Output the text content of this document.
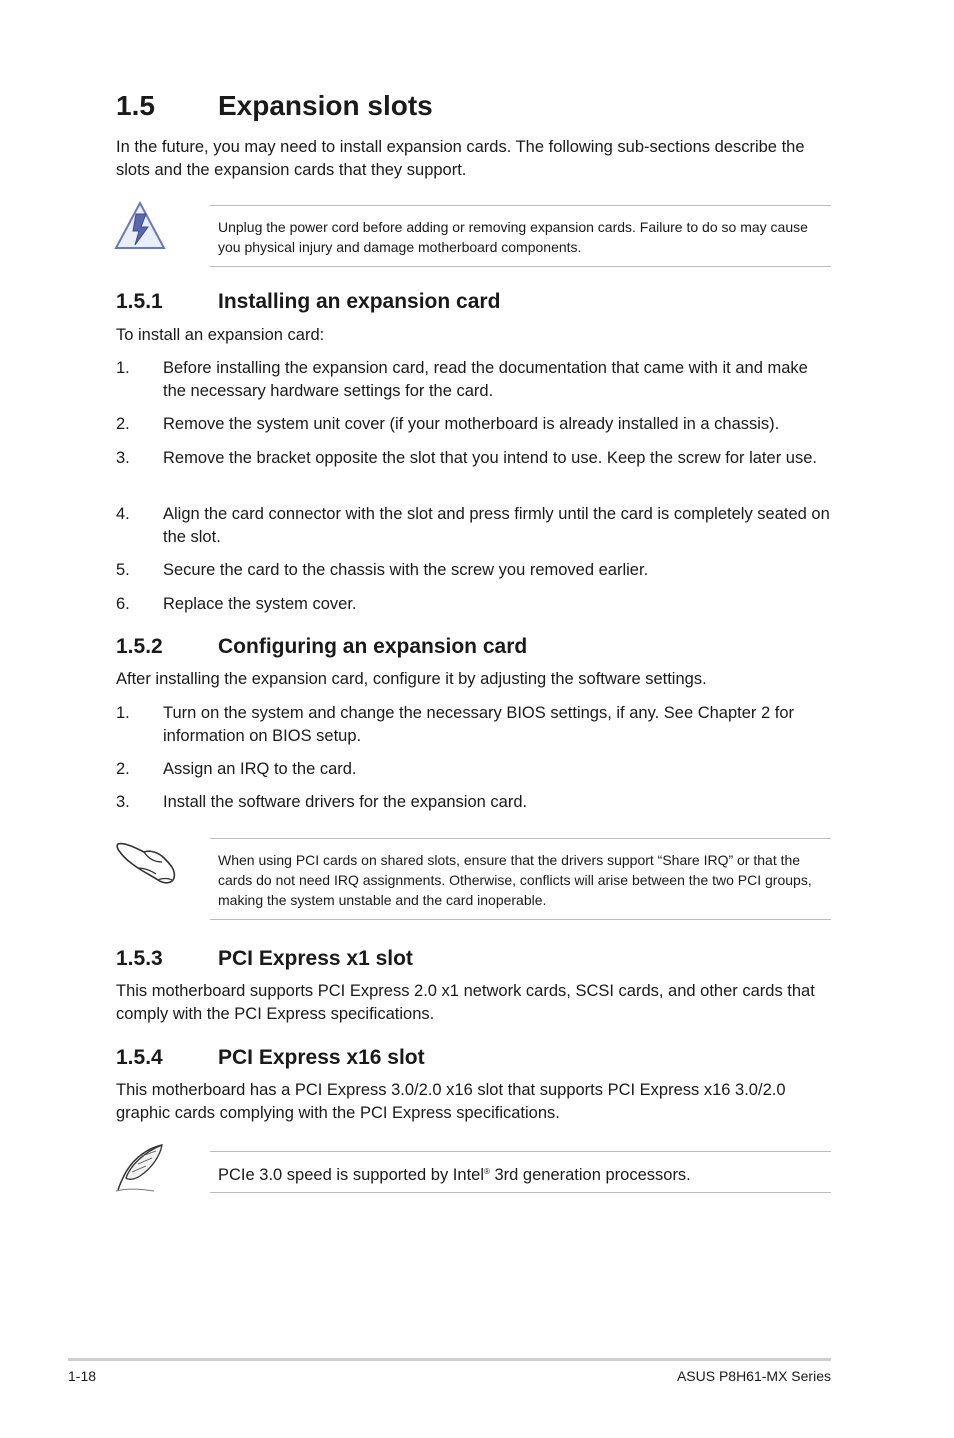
1.5 Expansion slots
In the future, you may need to install expansion cards. The following sub-sections describe the slots and the expansion cards that they support.
Unplug the power cord before adding or removing expansion cards. Failure to do so may cause you physical injury and damage motherboard components.
1.5.1	Installing an expansion card
To install an expansion card:
1. Before installing the expansion card, read the documentation that came with it and make the necessary hardware settings for the card.
2. Remove the system unit cover (if your motherboard is already installed in a chassis).
3. Remove the bracket opposite the slot that you intend to use. Keep the screw for later use.
4. Align the card connector with the slot and press firmly until the card is completely seated on the slot.
5. Secure the card to the chassis with the screw you removed earlier.
6. Replace the system cover.
1.5.2	Configuring an expansion card
After installing the expansion card, configure it by adjusting the software settings.
1. Turn on the system and change the necessary BIOS settings, if any. See Chapter 2 for information on BIOS setup.
2. Assign an IRQ to the card.
3. Install the software drivers for the expansion card.
When using PCI cards on shared slots, ensure that the drivers support “Share IRQ” or that the cards do not need IRQ assignments. Otherwise, conflicts will arise between the two PCI groups, making the system unstable and the card inoperable.
1.5.3	PCI Express x1 slot
This motherboard supports PCI Express 2.0 x1 network cards, SCSI cards, and other cards that comply with the PCI Express specifications.
1.5.4	PCI Express x16 slot
This motherboard has a PCI Express 3.0/2.0 x16 slot that supports PCI Express x16 3.0/2.0 graphic cards complying with the PCI Express specifications.
PCIe 3.0 speed is supported by Intel® 3rd generation processors.
1-18	ASUS P8H61-MX Series
